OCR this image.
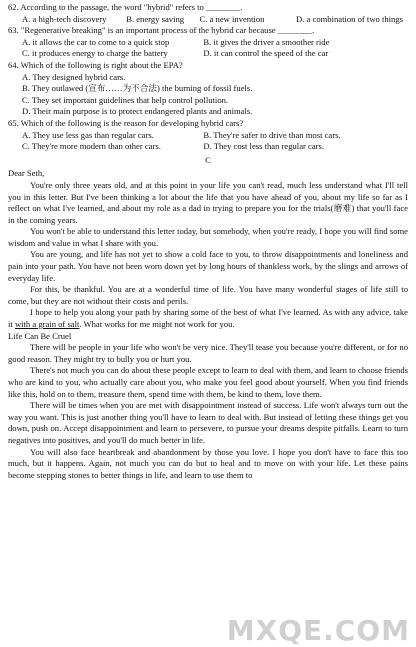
62. According to the passage, the word "hybrid" refers to ________.
A. a high-tech discovery	B. energy saving	C. a new invention	D. a combination of two things
63. "Regenerative breaking" is an important process of the hybrid car because ________.
A. it allows the car to come to a quick stop	B. it gives the driver a smoother ride
C. it produces energy to charge the battery	D. it can control the speed of the car
64. Which of the following is right about the EPA?
A. They designed hybrid cars.
B. They outlawed (宣布……为不合法) the burning of fossil fuels.
C. They set important guidelines that help control pollution.
D. Their main purpose is to protect endangered plants and animals.
65. Which of the following is the reason for developing hybrid cars?
A. They use less gas than regular cars.	B. They're safer to drive than most cars.
C. They're more modern than other cars.	D. They cost less than regular cars.
C
Dear Seth,
You're only three years old, and at this point in your life you can't read, much less understand what I'll tell you in this letter. But I've been thinking a lot about the life that you have ahead of you, about my life so far as I reflect on what I've learned, and about my role as a dad in trying to prepare you for the trials(磨难) that you'll face in the coming years.
You won't be able to understand this letter today, but somebody, when you're ready, I hope you will find some wisdom and value in what I share with you.
You are young, and life has not yet to show a cold face to you, to throw disappointments and loneliness and pain into your path. You have not been worn down yet by long hours of thankless work, by the slings and arrows of everyday life.
For this, be thankful. You are at a wonderful time of life. You have many wonderful stages of life still to come, but they are not without their costs and perils.
I hope to help you along your path by sharing some of the best of what I've learned. As with any advice, take it with a grain of salt. What works for me might not work for you.
Life Can Be Cruel
There will be people in your life who won't be very nice. They'll tease you because you're different, or for no good reason. They might try to bully you or hurt you.
There's not much you can do about these people except to learn to deal with them, and learn to choose friends who are kind to you, who actually care about you, who make you feel good about yourself. When you find friends like this, hold on to them, treasure them, spend time with them, be kind to them, love them.
There will be times when you are met with disappointment instead of success. Life won't always turn out the way you want. This is just another thing you'll have to learn to deal with. But instead of letting these things get you down, push on. Accept disappointment and learn to persevere, to pursue your dreams despite pitfalls. Learn to turn negatives into positives, and you'll do much better in life.
You will also face heartbreak and abandonment by those you love. I hope you don't have to face this too much, but it happens. Again, not much you can do but to heal and to move on with your life. Let these pains become stepping stones to better things in life, and learn to use them to
MXQE.COM
